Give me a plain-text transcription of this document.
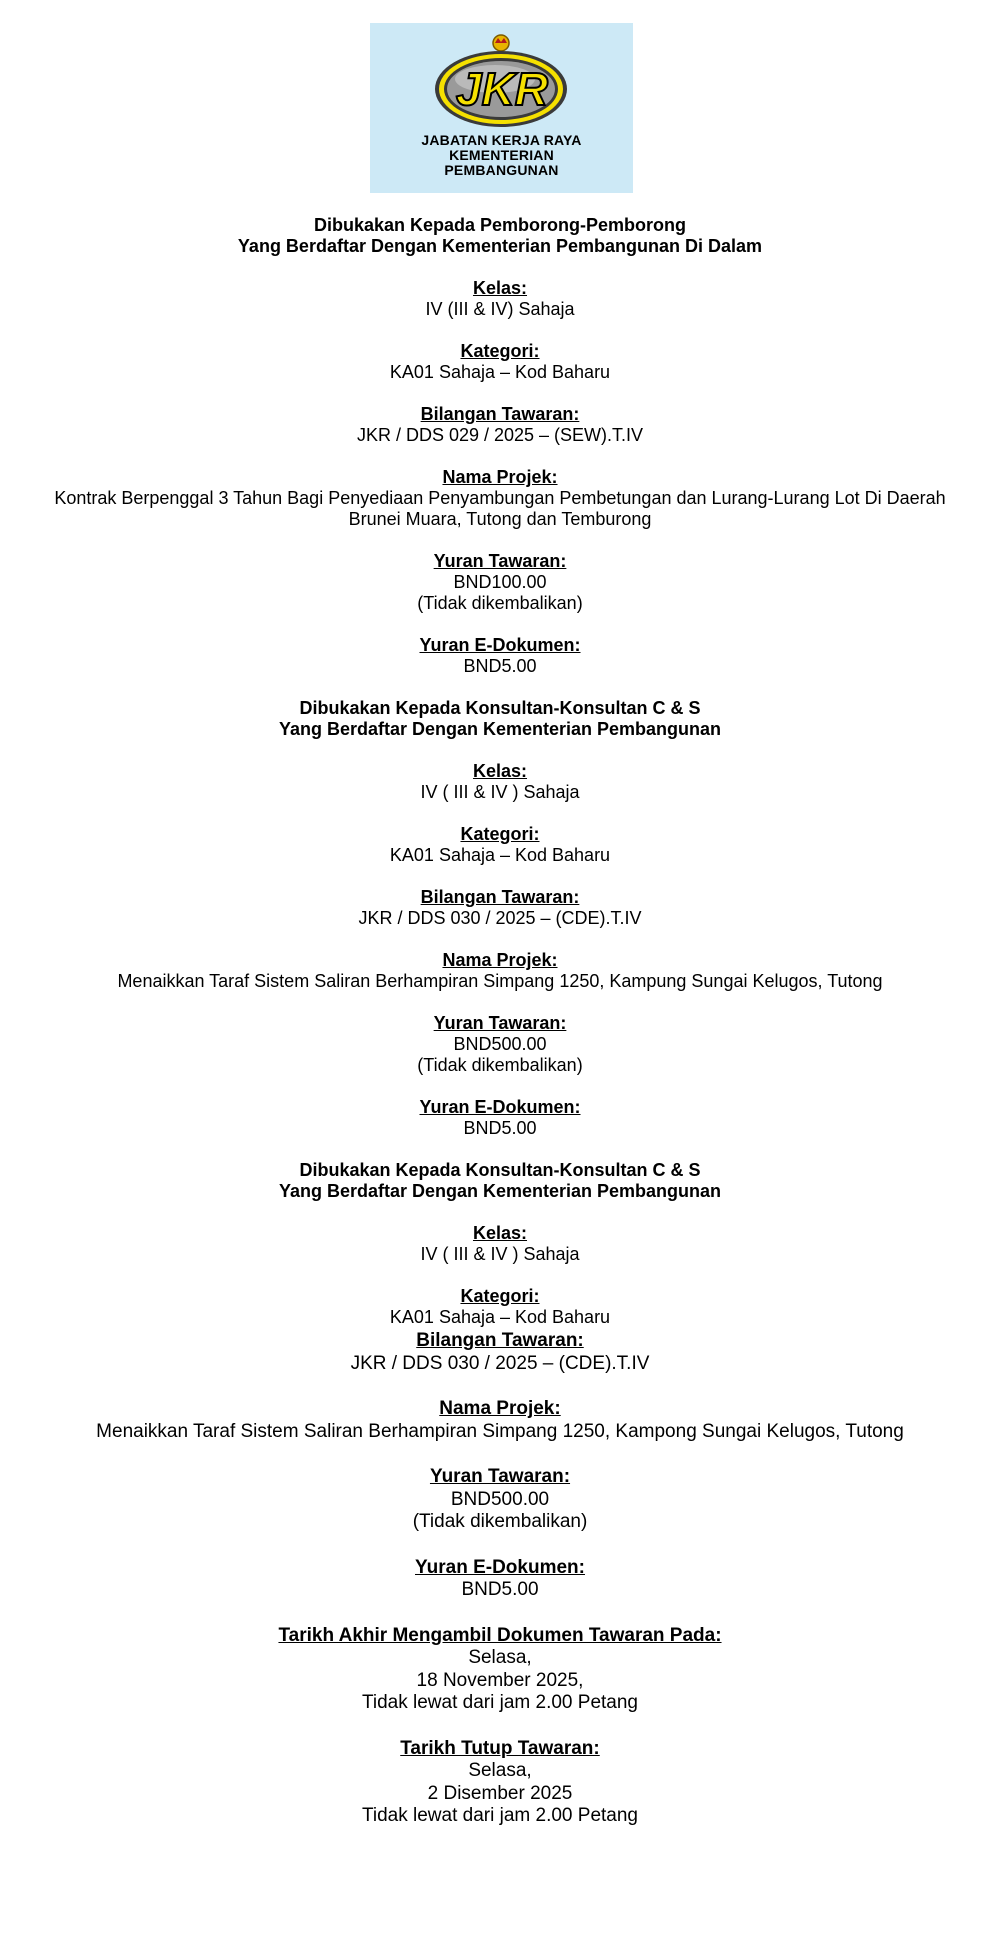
JKR
JABATAN KERJA RAYA
KEMENTERIAN
PEMBANGUNAN

Dibukakan Kepada Pemborong-Pemborong

Yang Berdaftar Dengan Kementerian Pembangunan Di Dalam

Kelas:

IV (III & IV) Sahaja

Kategori:

KA01 Sahaja – Kod Baharu

Bilangan Tawaran:

JKR / DDS 029 / 2025 – (SEW).T.IV

Nama Projek:

Kontrak Berpenggal 3 Tahun Bagi Penyediaan Penyambungan Pembetungan dan Lurang-Lurang Lot Di Daerah

Brunei Muara, Tutong dan Temburong

Yuran Tawaran:

BND100.00

(Tidak dikembalikan)

Yuran E-Dokumen:

BND5.00

Dibukakan Kepada Konsultan-Konsultan C & S

Yang Berdaftar Dengan Kementerian Pembangunan

Kelas:

IV ( III & IV ) Sahaja

Kategori:

KA01 Sahaja – Kod Baharu

Bilangan Tawaran:

JKR / DDS 030 / 2025 – (CDE).T.IV

Nama Projek:

Menaikkan Taraf Sistem Saliran Berhampiran Simpang 1250, Kampung Sungai Kelugos, Tutong

Yuran Tawaran:

BND500.00

(Tidak dikembalikan)

Yuran E-Dokumen:

BND5.00

Dibukakan Kepada Konsultan-Konsultan C & S

Yang Berdaftar Dengan Kementerian Pembangunan

Kelas:

IV ( III & IV ) Sahaja

Kategori:

KA01 Sahaja – Kod Baharu

Bilangan Tawaran:

JKR / DDS 030 / 2025 – (CDE).T.IV

Nama Projek:

Menaikkan Taraf Sistem Saliran Berhampiran Simpang 1250, Kampong Sungai Kelugos, Tutong

Yuran Tawaran:

BND500.00

(Tidak dikembalikan)

Yuran E-Dokumen:

BND5.00

Tarikh Akhir Mengambil Dokumen Tawaran Pada:

Selasa,

18 November 2025,

Tidak lewat dari jam 2.00 Petang

Tarikh Tutup Tawaran:

Selasa,

2 Disember 2025

Tidak lewat dari jam 2.00 Petang
